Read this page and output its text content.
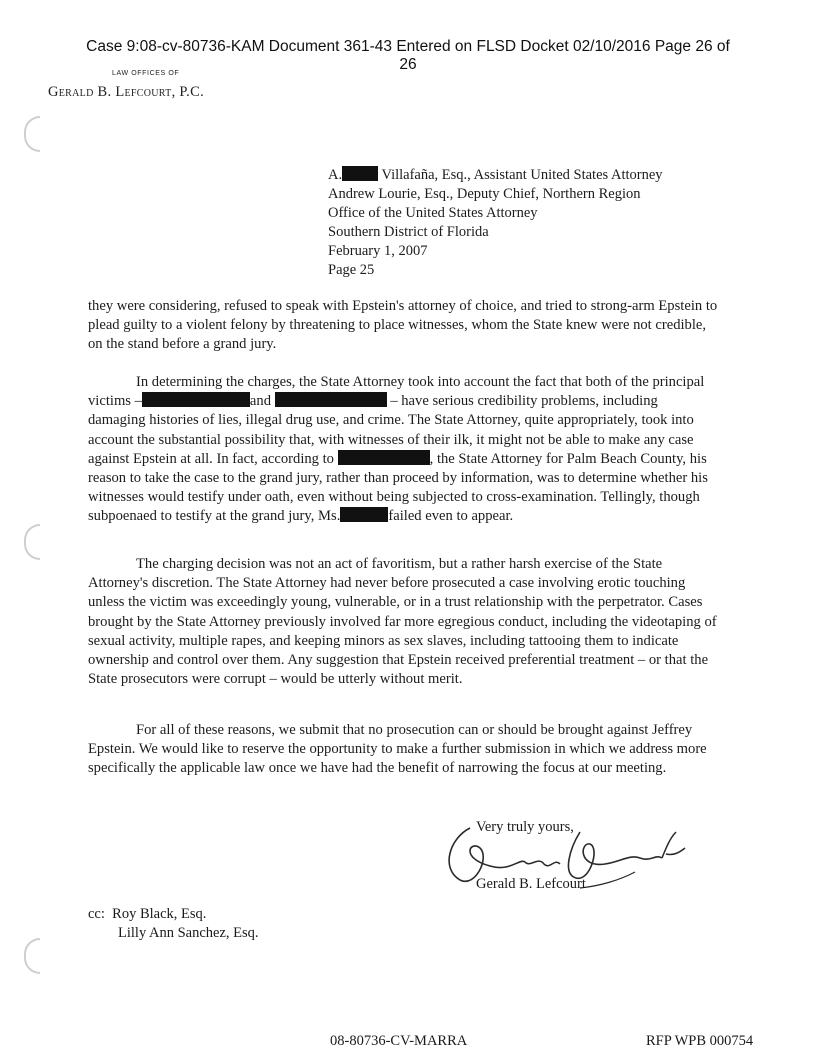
Case 9:08-cv-80736-KAM Document 361-43 Entered on FLSD Docket 02/10/2016 Page 26 of
26
LAW OFFICES OF
Gerald B. Lefcourt, P.C.
A. Villafaña, Esq., Assistant United States Attorney
Andrew Lourie, Esq., Deputy Chief, Northern Region
Office of the United States Attorney
Southern District of Florida
February 1, 2007
Page 25

they were considering, refused to speak with Epstein's attorney of choice, and tried to strong-arm Epstein to plead guilty to a violent felony by threatening to place witnesses, whom the State knew were not credible, on the stand before a grand jury.

In determining the charges, the State Attorney took into account the fact that both of the principal victims –	and	– have serious credibility problems, including damaging histories of lies, illegal drug use, and crime. The State Attorney, quite appropriately, took into account the substantial possibility that, with witnesses of their ilk, it might not be able to make any case against Epstein at all. In fact, according to	, the State Attorney for Palm Beach County, his reason to take the case to the grand jury, rather than proceed by information, was to determine whether his witnesses would testify under oath, even without being subjected to cross-examination. Tellingly, though subpoenaed to testify at the grand jury, Ms.	failed even to appear.

The charging decision was not an act of favoritism, but a rather harsh exercise of the State Attorney's discretion. The State Attorney had never before prosecuted a case involving erotic touching unless the victim was exceedingly young, vulnerable, or in a trust relationship with the perpetrator. Cases brought by the State Attorney previously involved far more egregious conduct, including the videotaping of sexual activity, multiple rapes, and keeping minors as sex slaves, including tattooing them to indicate ownership and control over them. Any suggestion that Epstein received preferential treatment – or that the State prosecutors were corrupt – would be utterly without merit.

For all of these reasons, we submit that no prosecution can or should be brought against Jeffrey Epstein. We would like to reserve the opportunity to make a further submission in which we address more specifically the applicable law once we have had the benefit of narrowing the focus at our meeting.

Very truly yours,
Gerald B. Lefcourt
cc: Roy Black, Esq.
Lilly Ann Sanchez, Esq.
08-80736-CV-MARRA	RFP WPB 000754
